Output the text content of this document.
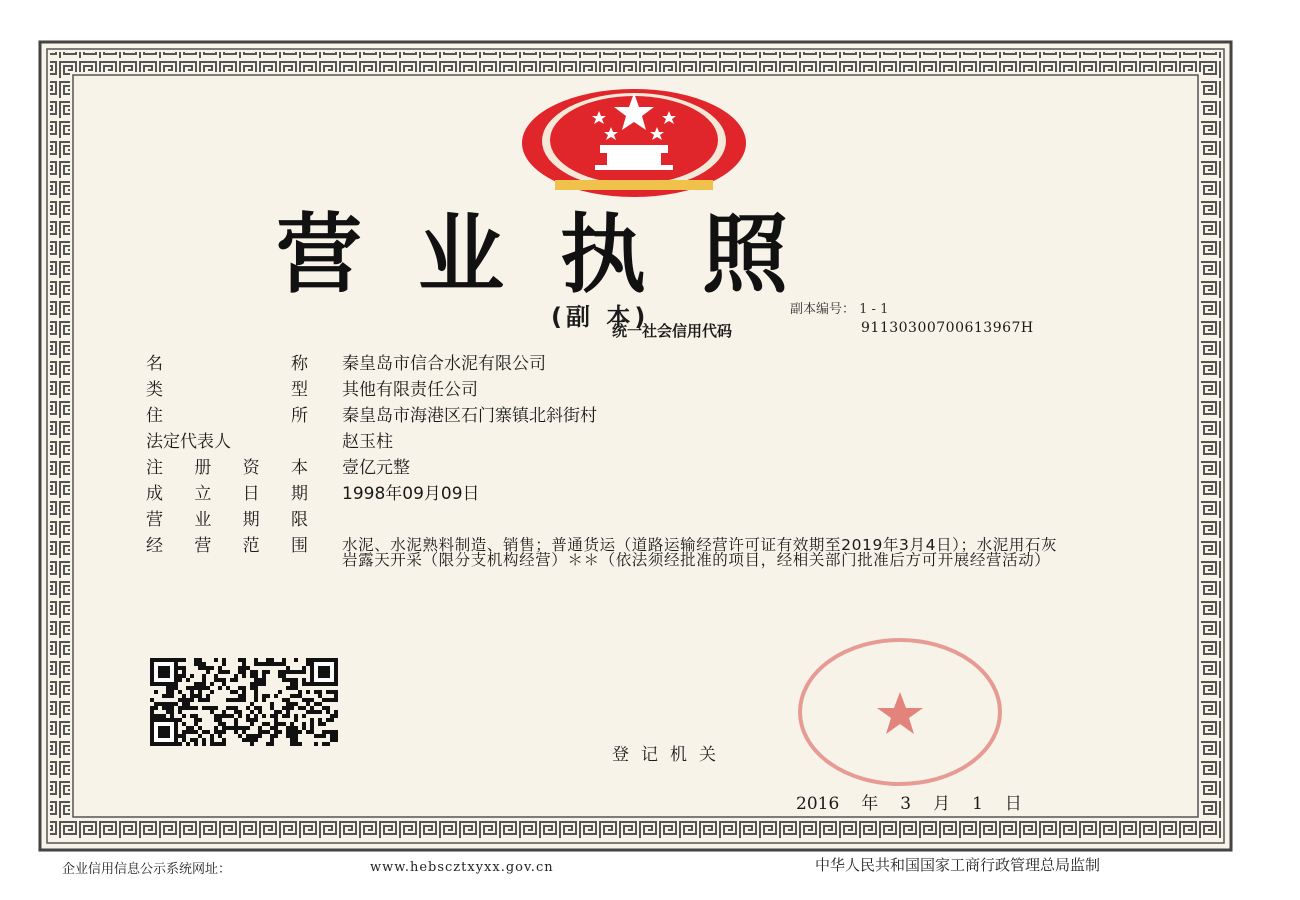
营业执照
(副 本)	副本编号： 1 - 1
统一社会信用代码	91130300700613967H
名	称 秦皇岛市信合水泥有限公司
类	型 其他有限责任公司
住	所 秦皇岛市海港区石门寨镇北斜街村
法定代表人	赵玉柱
注 册 资 本 壹亿元整
成 立 日 期 1998年09月09日
营 业 期 限
经 营 范 围 水泥、水泥熟料制造、销售；普通货运（道路运输经营许可证有效期至2019年3月4日）；水泥用石灰岩露天开采（限分支机构经营）＊＊（依法须经批准的项目，经相关部门批准后方可开展经营活动）
登记机关
2016 年 3 月 1 日
企业信用信息公示系统网址：	www.hebscztxyxx.gov.cn	中华人民共和国国家工商行政管理总局监制
